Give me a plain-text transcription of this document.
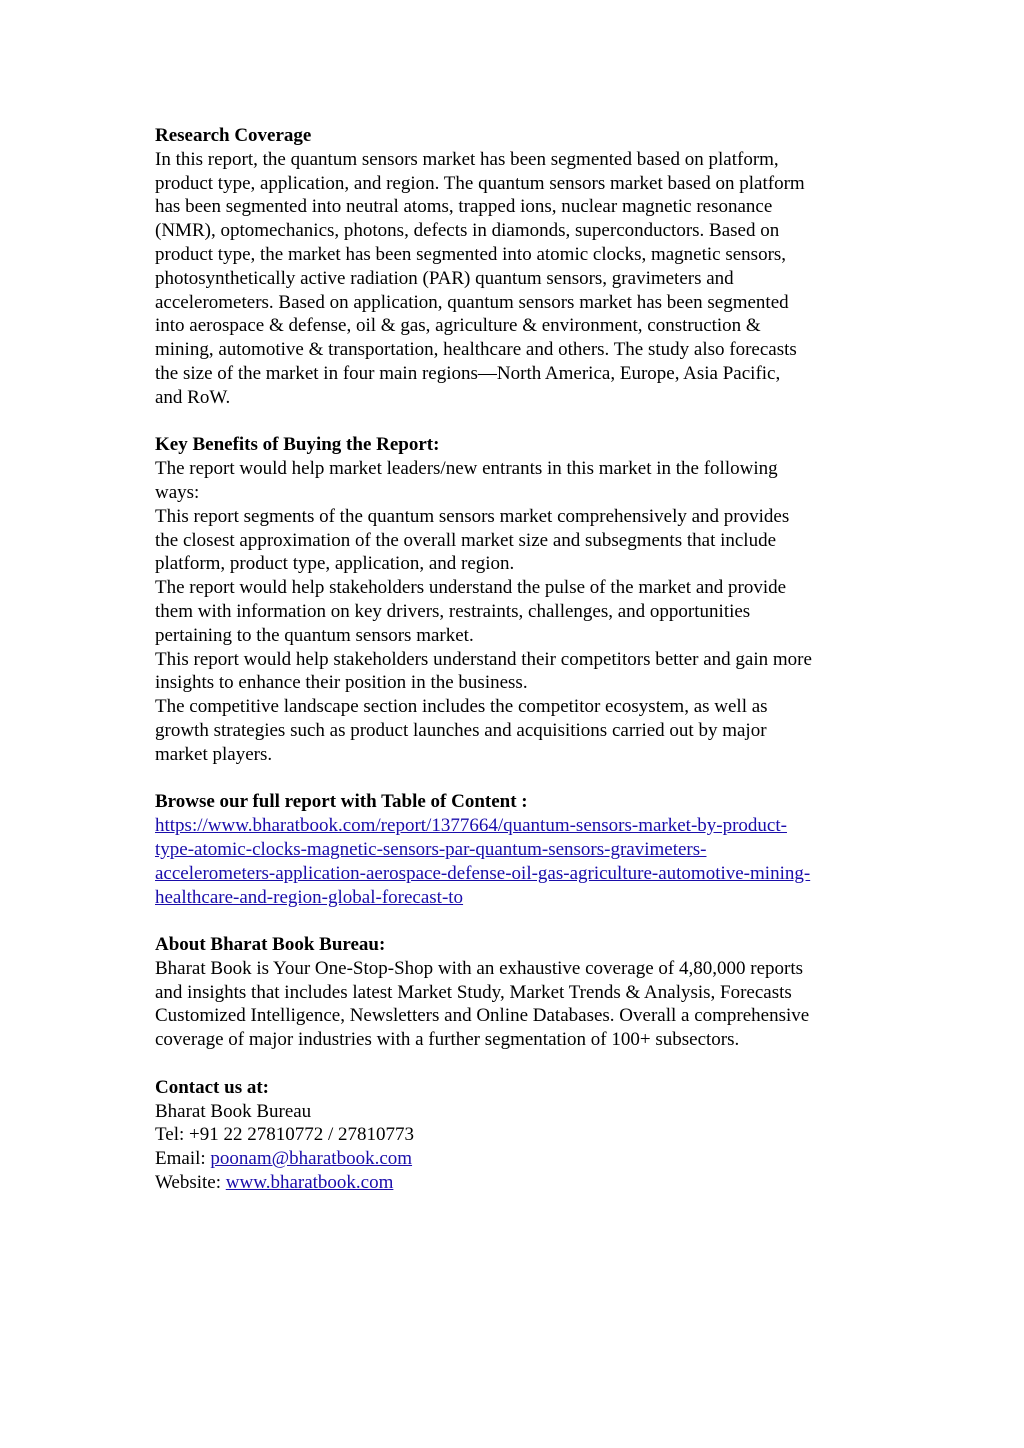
Research Coverage
In this report, the quantum sensors market has been segmented based on platform,
product type, application, and region. The quantum sensors market based on platform
has been segmented into neutral atoms, trapped ions, nuclear magnetic resonance
(NMR), optomechanics, photons, defects in diamonds, superconductors. Based on
product type, the market has been segmented into atomic clocks, magnetic sensors,
photosynthetically active radiation (PAR) quantum sensors, gravimeters and
accelerometers. Based on application, quantum sensors market has been segmented
into aerospace & defense, oil & gas, agriculture & environment, construction &
mining, automotive & transportation, healthcare and others. The study also forecasts
the size of the market in four main regions—North America, Europe, Asia Pacific,
and RoW.
Key Benefits of Buying the Report:
The report would help market leaders/new entrants in this market in the following
ways:
This report segments of the quantum sensors market comprehensively and provides
the closest approximation of the overall market size and subsegments that include
platform, product type, application, and region.
The report would help stakeholders understand the pulse of the market and provide
them with information on key drivers, restraints, challenges, and opportunities
pertaining to the quantum sensors market.
This report would help stakeholders understand their competitors better and gain more
insights to enhance their position in the business.
The competitive landscape section includes the competitor ecosystem, as well as
growth strategies such as product launches and acquisitions carried out by major
market players.
Browse our full report with Table of Content :
https://www.bharatbook.com/report/1377664/quantum-sensors-market-by-product-
type-atomic-clocks-magnetic-sensors-par-quantum-sensors-gravimeters-
accelerometers-application-aerospace-defense-oil-gas-agriculture-automotive-mining-
healthcare-and-region-global-forecast-to
About Bharat Book Bureau:
Bharat Book is Your One-Stop-Shop with an exhaustive coverage of 4,80,000 reports
and insights that includes latest Market Study, Market Trends & Analysis, Forecasts
Customized Intelligence, Newsletters and Online Databases. Overall a comprehensive
coverage of major industries with a further segmentation of 100+ subsectors.
Contact us at:
Bharat Book Bureau
Tel: +91 22 27810772 / 27810773
Email: poonam@bharatbook.com
Website: www.bharatbook.com
